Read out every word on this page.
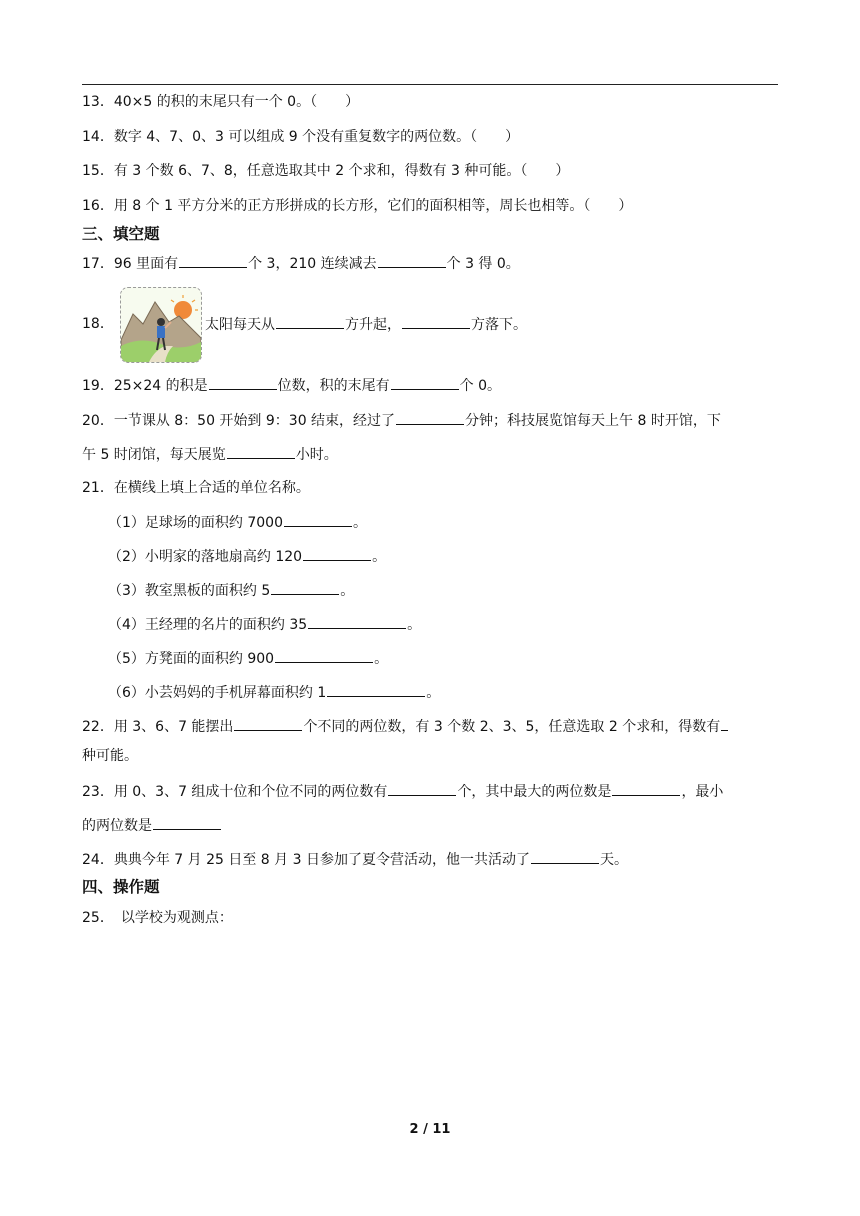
13．40×5 的积的末尾只有一个 0。（　　）
14．数字 4、7、0、3 可以组成 9 个没有重复数字的两位数。（　　）
15．有 3 个数 6、7、8，任意选取其中 2 个求和，得数有 3 种可能。（　　）
16．用 8 个 1 平方分米的正方形拼成的长方形，它们的面积相等，周长也相等。（　　）
三、填空题
17．96 里面有	个 3，210 连续减去	个 3 得 0。
18．	太阳每天从	方升起，	方落下。
19．25×24 的积是	位数，积的末尾有	个 0。
20．一节课从 8：50 开始到 9：30 结束，经过了	分钟；科技展览馆每天上午 8 时开馆，下
午 5 时闭馆，每天展览	小时。
21．在横线上填上合适的单位名称。
（1）足球场的面积约 7000	。
（2）小明家的落地扇高约 120	。
（3）教室黑板的面积约 5	。
（4）王经理的名片的面积约 35	。
（5）方凳面的面积约 900	。
（6）小芸妈妈的手机屏幕面积约 1	。
22．用 3、6、7 能摆出	个不同的两位数，有 3 个数 2、3、5，任意选取 2 个求和，得数有
种可能。
23．用 0、3、7 组成十位和个位不同的两位数有	个，其中最大的两位数是	，最小
的两位数是
24．典典今年 7 月 25 日至 8 月 3 日参加了夏令营活动，他一共活动了	天。
四、操作题
25．　以学校为观测点：
2 / 11
